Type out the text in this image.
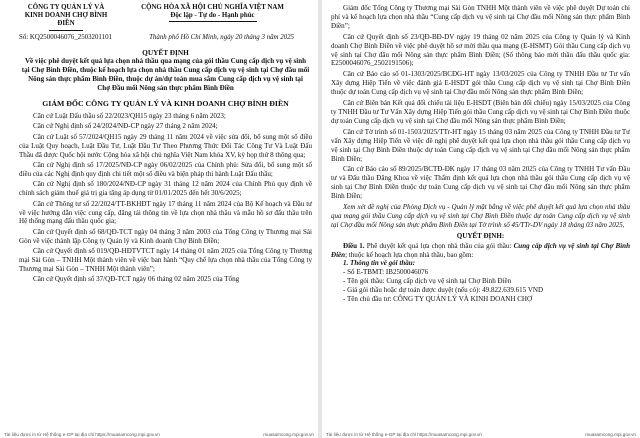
CÔNG TY QUẢN LÝ VÀ KINH DOANH CHỢ BÌNH ĐIỀN
CỘNG HÒA XÃ HỘI CHỦ NGHĨA VIỆT NAM
Độc lập - Tự do - Hạnh phúc
Số: KQ2500046076_2503201101	Thành phố Hồ Chí Minh, ngày 20 tháng 3 năm 2025
QUYẾT ĐỊNH
Về việc phê duyệt kết quả lựa chọn nhà thầu qua mạng của gói thầu Cung cấp dịch vụ vệ sinh tại Chợ Bình Điền, thuộc kế hoạch lựa chọn nhà thầu Cung cấp dịch vụ vệ sinh tại Chợ đầu mối Nông sản thực phẩm Bình Điền, thuộc dự án/dự toán mua sắm Cung cấp dịch vụ vệ sinh tại Chợ Đầu mối Nông sản thực phẩm Bình Điền
GIÁM ĐỐC CÔNG TY QUẢN LÝ VÀ KINH DOANH CHỢ BÌNH ĐIỀN

Căn cứ Luật Đấu thầu số 22/2023/QH15 ngày 23 tháng 6 năm 2023;

Căn cứ Nghị định số 24/2024/NĐ-CP ngày 27 tháng 2 năm 2024;

Căn cứ Luật số 57/2024/QH15 ngày 29 tháng 11 năm 2024 về việc sửa đổi, bổ sung một số điều của Luật Quy hoạch, Luật Đầu Tư, Luật Đầu Tư Theo Phương Thức Đối Tác Công Tư Và Luật Đấu Thầu đã được Quốc hội nước Cộng hòa xã hội chủ nghĩa Việt Nam khóa XV, kỳ họp thứ 8 thông qua;

Căn cứ Nghị định số 17/2025/NĐ-CP ngày 06/02/2025 của Chính phủ: Sửa đổi, bổ sung một số điều của các Nghị định quy định chi tiết một số điều và biện pháp thi hành Luật Đấu thầu;

Căn cứ Nghị định số 180/2024/NĐ-CP ngày 31 tháng 12 năm 2024 của Chính Phủ quy định về chính sách giảm thuế giá trị gia tăng áp dụng từ 01/01/2025 đến hết 30/6/2025;

Căn cứ Thông tư số 22/2024/TT-BKHĐT ngày 17 tháng 11 năm 2024 của Bộ Kế hoạch và Đầu tư về việc hướng dẫn việc cung cấp, đăng tải thông tin về lựa chọn nhà thầu và mẫu hồ sơ đấu thầu trên Hệ thống mạng đấu thầu quốc gia;

Căn cứ Quyết định số 68/QĐ-TCT ngày 04 tháng 3 năm 2003 của Tổng Công ty Thương mại Sài Gòn về việc thành lập Công ty Quản lý và Kinh doanh Chợ Bình Điền;

Căn cứ Quyết định số 019/QĐ-HĐTVTCT ngày 14 tháng 01 năm 2025 của Tổng Công ty Thương mại Sài Gòn – TNHH Một thành viên về việc ban hành “Quy chế lựa chọn nhà thầu của Tổng Công ty Thương mại Sài Gòn – TNHH Một thành viên”;

Căn cứ Quyết định số 37/QĐ-TCT ngày 06 tháng 02 năm 2025 của Tổng

Tài liệu được in từ Hệ thống e-GP tại địa chỉ https://muasamcong.mpi.gov.vn	muasamcong.mpi.gov.vn

Giám đốc Tổng Công ty Thương mại Sài Gòn TNHH Một thành viên về việc phê duyệt Dự toán chi phí và kế hoạch lựa chọn nhà thầu “Cung cấp dịch vụ vệ sinh tại Chợ đầu mối Nông sản thực phẩm Bình Điền”;

Căn cứ Quyết định số 23/QĐ-BĐ-DV ngày 19 tháng 02 năm 2025 của Công ty Quản lý và Kinh doanh Chợ Bình Điền về việc phê duyệt hồ sơ mời thầu qua mạng (E-HSMT) Gói thầu Cung cấp dịch vụ vệ sinh tại Chợ đầu mối Nông sản thực phẩm Bình Điền; (Số thông báo mời thầu đấu thầu quốc gia: E2500046076_2502191506);

Căn cứ Báo cáo số 01-1303/2025/BCĐG-HT ngày 13/03/2025 của Công ty TNHH Đầu tư Tư vấn Xây dựng Hiệp Tiến về việc đánh giá E-HSDT gói thầu Cung cấp dịch vụ vệ sinh tại Chợ Bình Điền thuộc dự toán Cung cấp dịch vụ vệ sinh tại Chợ đầu mối Nông sản thực phẩm Bình Điền;

Căn cứ Biên bản Kết quả đối chiếu tài liệu E-HSDT (Biên bản đối chiếu) ngày 15/03/2025 của Công ty TNHH Đầu tư Tư Vấn Xây dựng Hiệp Tiến gói thầu Cung cấp dịch vụ vệ sinh tại Chợ Bình Điền thuộc dự toán Cung cấp dịch vụ vệ sinh tại Chợ đầu mối Nông sản thực phẩm Bình Điền;

Căn cứ Tờ trình số 01-1503/2025/TTr-HT ngày 15 tháng 03 năm 2025 của Công ty TNHH Đầu tư Tư vấn Xây dựng Hiệp Tiến về việc đề nghị phê duyệt kết quả lựa chọn nhà thầu gói thầu Cung cấp dịch vụ vệ sinh tại Chợ Bình Điền thuộc dự toán Cung cấp dịch vụ vệ sinh tại Chợ đầu mối Nông sản thực phẩm Bình Điền;

Căn cứ Báo cáo số 89/2025/BCTĐ-ĐK ngày 17 tháng 03 năm 2025 của Công ty TNHH Tư vấn Đầu tư và Đấu thầu Đăng Khoa về việc Thẩm định kết quả lựa chọn nhà thầu gói thầu Cung cấp dịch vụ vệ sinh tại Chợ Bình Điền thuộc dự toán Cung cấp dịch vụ vệ sinh tại Chợ đầu mối Nông sản thực phẩm Bình Điền;

Xem xét đề nghị của Phòng Dịch vụ - Quản lý mặt bằng về việc phê duyệt kết quả lựa chọn nhà thầu qua mạng gói thầu Cung cấp dịch vụ vệ sinh tại Chợ Bình Điền thuộc dự toán Cung cấp dịch vụ vệ sinh tại Chợ đầu mối Nông sản thực phẩm Bình Điền tại Tờ trình số 45/TTr-DV ngày 18 tháng 03 năm 2025,

QUYẾT ĐỊNH:

Điều 1. Phê duyệt kết quả lựa chọn nhà thầu của gói thầu: Cung cấp dịch vụ vệ sinh tại Chợ Bình Điền; thuộc kế hoạch lựa chọn nhà thầu, bao gồm:

1. Thông tin về gói thầu:
- Số E-TBMT: IB2500046076
- Tên gói thầu: Cung cấp dịch vụ vệ sinh tại Chợ Bình Điền
- Giá gói thầu hoặc dự toán được duyệt (nếu có): 49.822.639.615 VND
- Tên chủ đầu tư: CÔNG TY QUẢN LÝ VÀ KINH DOANH CHỢ
Tài liệu được in từ Hệ thống e-GP tại địa chỉ https://muasamcong.mpi.gov.vn	muasamcong.mpi.gov.vn
